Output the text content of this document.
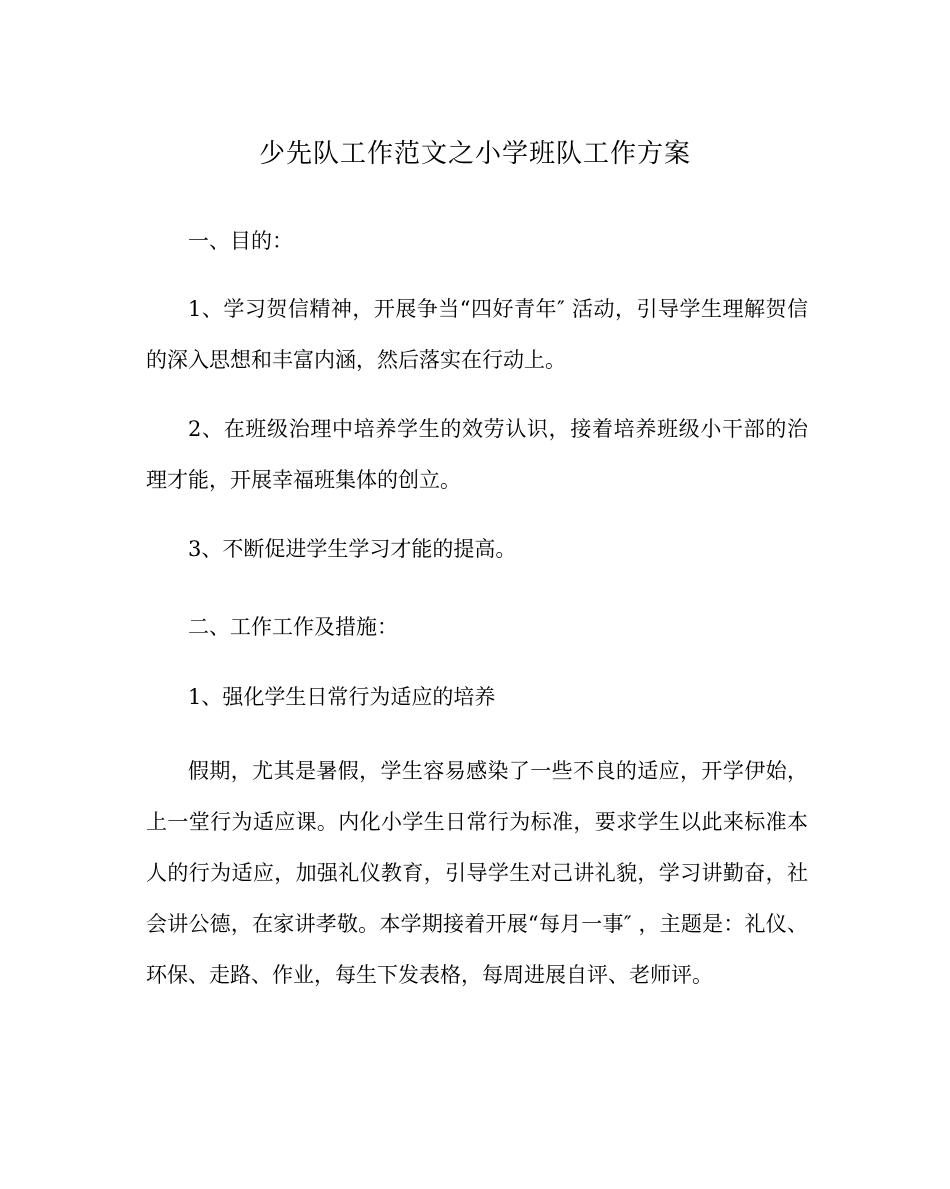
少先队工作范文之小学班队工作方案

一、目的：

1、学习贺信精神，开展争当“四好青年″ 活动，引导学生理解贺信的深入思想和丰富内涵，然后落实在行动上。

2、在班级治理中培养学生的效劳认识，接着培养班级小干部的治理才能，开展幸福班集体的创立。

3、不断促进学生学习才能的提高。

二、工作工作及措施：

1、强化学生日常行为适应的培养

假期，尤其是暑假，学生容易感染了一些不良的适应，开学伊始，上一堂行为适应课。内化小学生日常行为标准，要求学生以此来标准本人的行为适应，加强礼仪教育，引导学生对己讲礼貌，学习讲勤奋，社会讲公德，在家讲孝敬。本学期接着开展“每月一事″ ，主题是：礼仪、环保、走路、作业，每生下发表格，每周进展自评、老师评。
